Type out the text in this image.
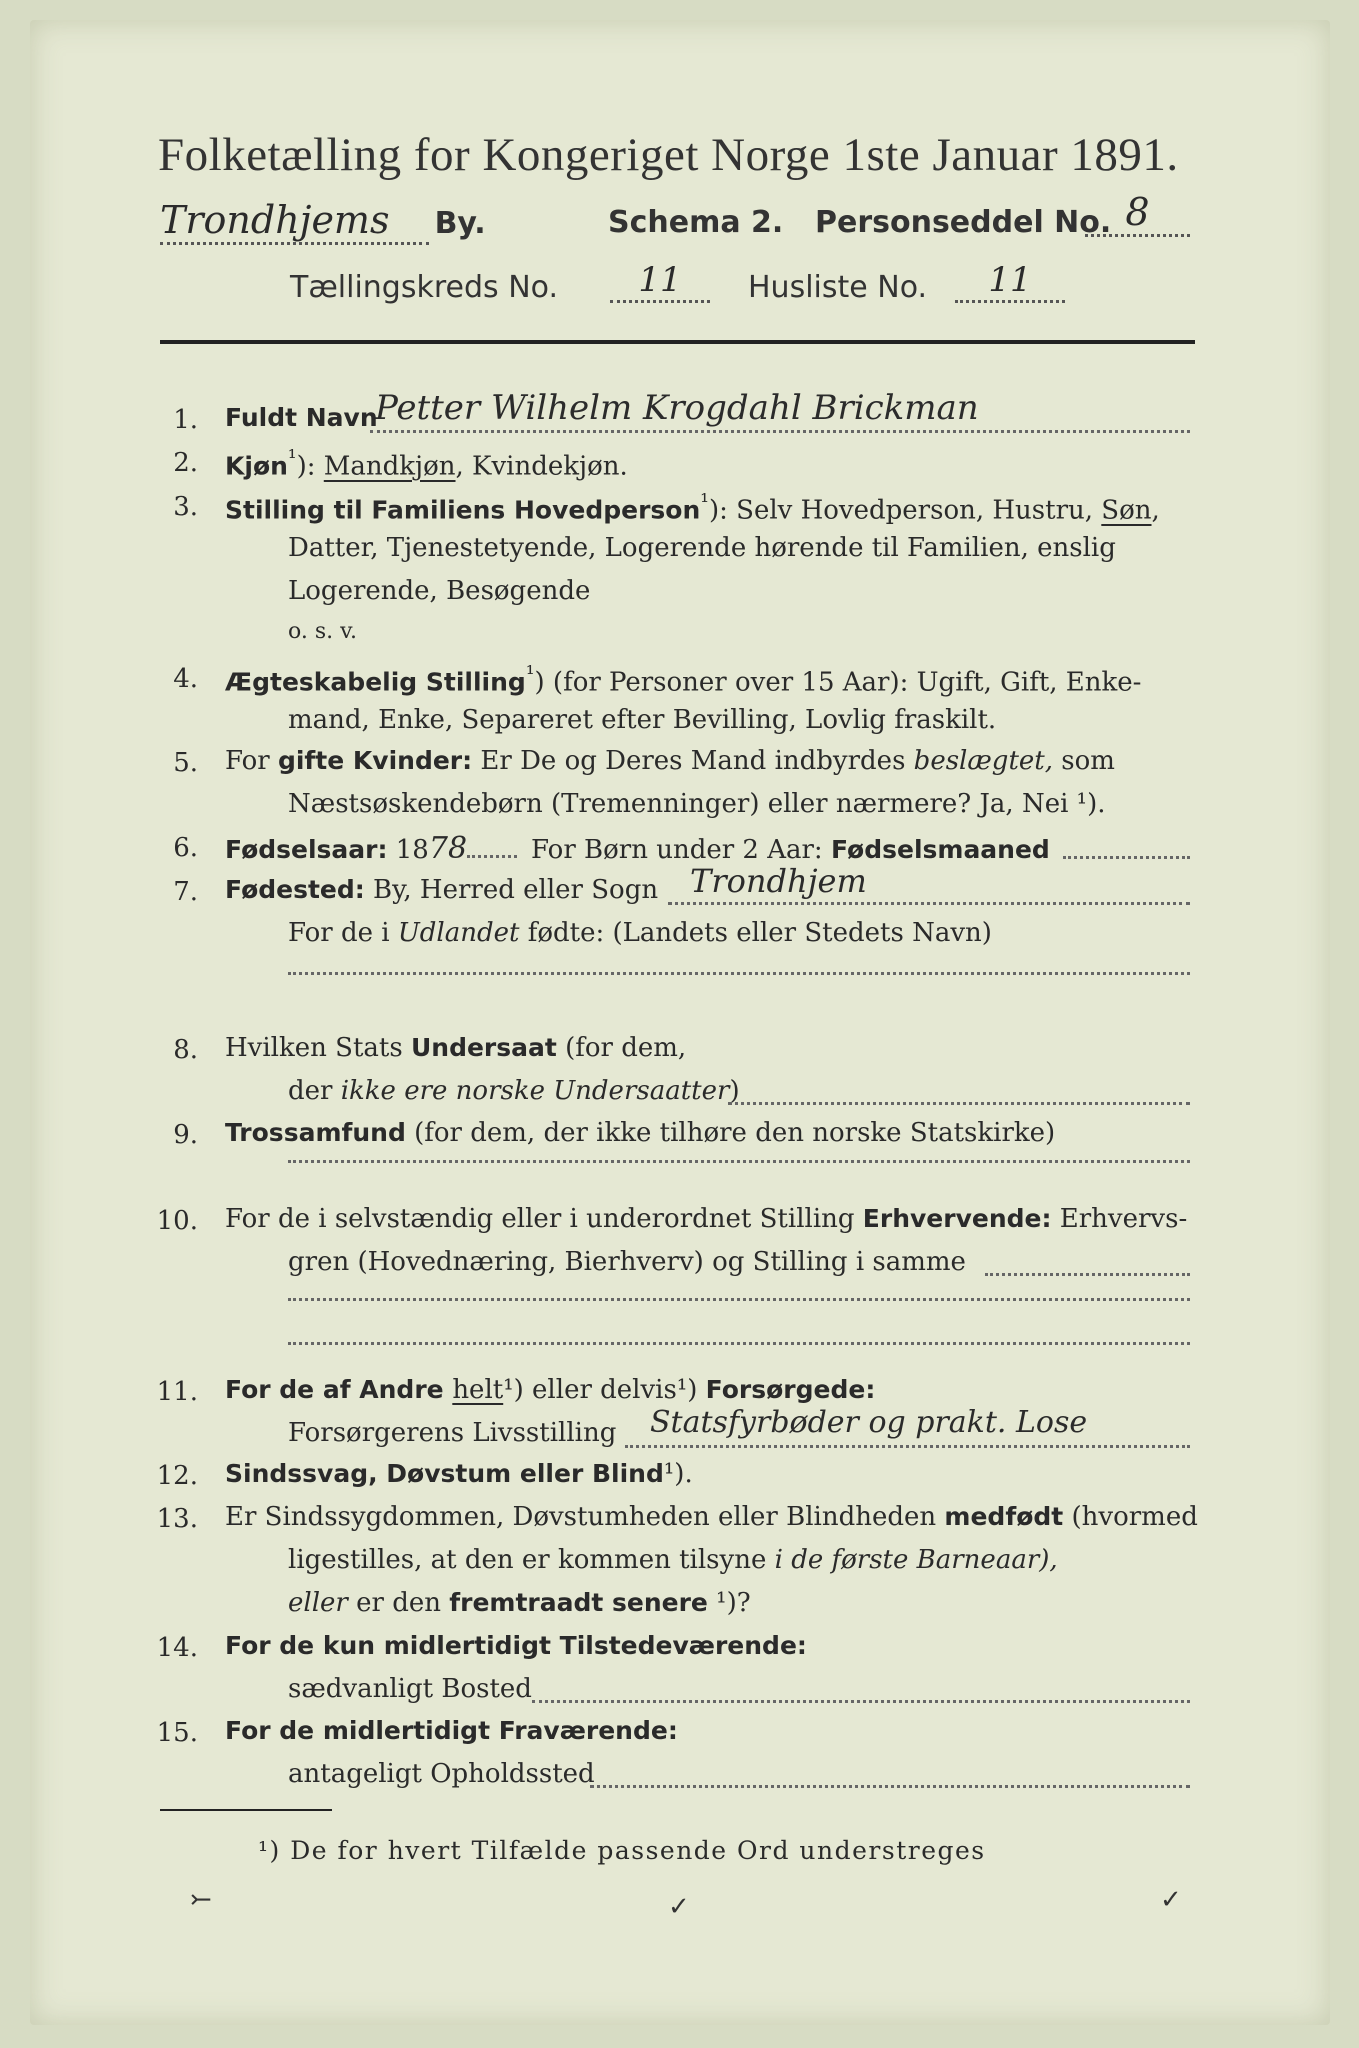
Folketælling for Kongeriget Norge 1ste Januar 1891.
Trondhjems By.	Schema 2. Personseddel No. 8
Tællingskreds No.	11	Husliste No.	11
1. Fuldt Navn
Petter Wilhelm Krogdahl Brickman
2. Kjøn$^{^1}$): Mandkjøn, Kvindekjøn.
3. Stilling til Familiens Hovedperson$^{^1}$): Selv Hovedperson, Hustru, Søn,
Datter, Tjenestetyende, Logerende hørende til Familien, enslig
Logerende, Besøgende
o. s. v.
4. Ægteskabelig Stilling$^{^1}$) (for Personer over 15 Aar): Ugift, Gift, Enke-
mand, Enke, Separeret efter Bevilling, Lovlig fraskilt.
5. For gifte Kvinder: Er De og Deres Mand indbyrdes beslægtet, som
Næstsøskendebørn (Tremenninger) eller nærmere? Ja, Nei ¹).
6. Fødselsaar: 1878 For Børn under 2 Aar: Fødselsmaaned
7. Fødested: By, Herred eller Sogn Trondhjem
For de i Udlandet fødte: (Landets eller Stedets Navn)
8. Hvilken Stats Undersaat (for dem,
der ikke ere norske Undersaatter)
9. Trossamfund (for dem, der ikke tilhøre den norske Statskirke)
10. For de i selvstændig eller i underordnet Stilling Erhvervende: Erhvervs-
gren (Hovednæring, Bierhverv) og Stilling i samme
11. For de af Andre helt¹) eller delvis¹) Forsørgede:
Forsørgerens Livsstilling Statsfyrbøder og prakt. Lose
12. Sindssvag, Døvstum eller Blind¹).
13. Er Sindssygdommen, Døvstumheden eller Blindheden medfødt (hvormed
ligestilles, at den er kommen tilsyne i de første Barneaar),
eller er den fremtraadt senere ¹)?
14. For de kun midlertidigt Tilstedeværende:
sædvanligt Bosted
15. For de midlertidigt Fraværende:
antageligt Opholdssted
¹) De for hvert Tilfælde passende Ord understreges
⤚	✓	✓
